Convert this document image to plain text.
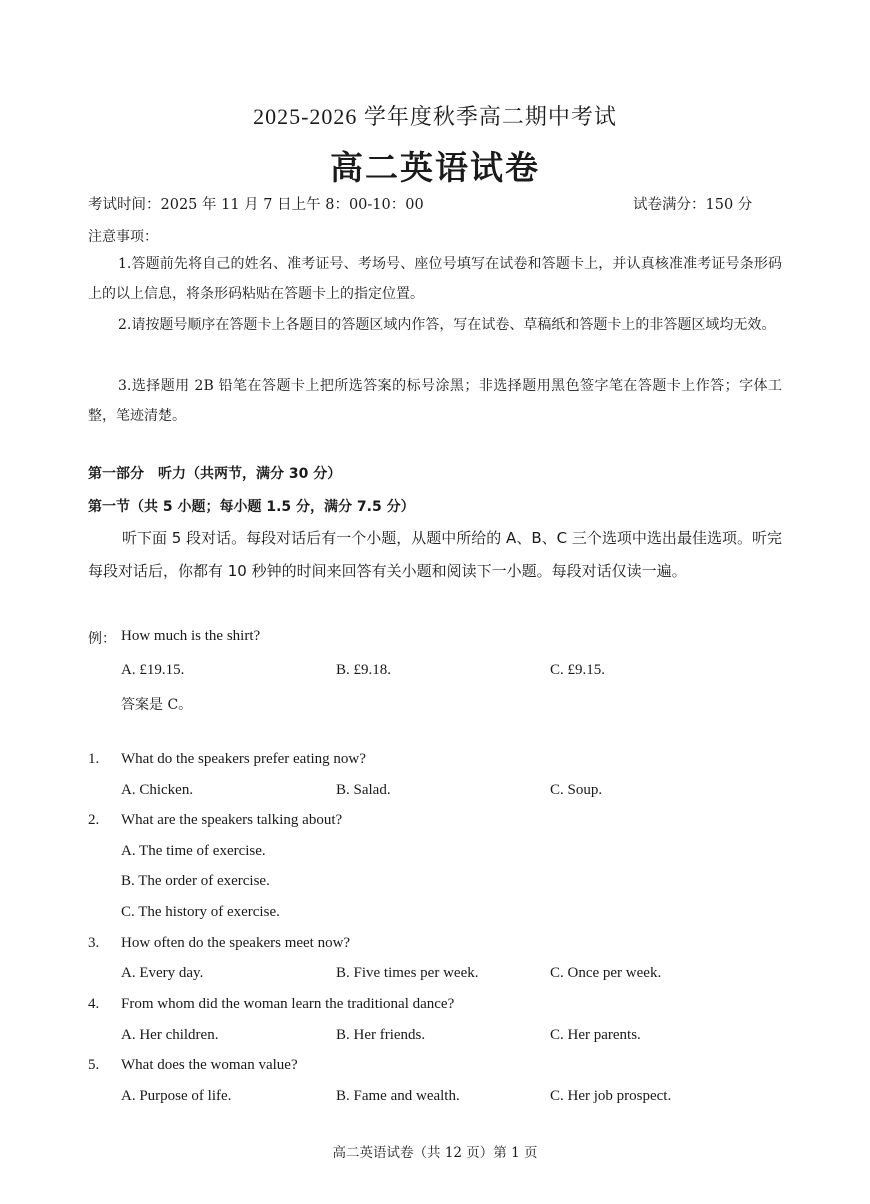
2025-2026 学年度秋季高二期中考试
高二英语试卷
考试时间：2025 年 11 月 7 日上午 8：00-10：00	试卷满分：150 分
注意事项：
1.答题前先将自己的姓名、准考证号、考场号、座位号填写在试卷和答题卡上，并认真核准准考证号条形码上的以上信息，将条形码粘贴在答题卡上的指定位置。
2.请按题号顺序在答题卡上各题目的答题区域内作答，写在试卷、草稿纸和答题卡上的非答题区域均无效。
3.选择题用 2B 铅笔在答题卡上把所选答案的标号涂黑；非选择题用黑色签字笔在答题卡上作答；字体工整，笔迹清楚。
第一部分　听力（共两节，满分 30 分）
第一节（共 5 小题；每小题 1.5 分，满分 7.5 分）
听下面 5 段对话。每段对话后有一个小题，从题中所给的 A、B、C 三个选项中选出最佳选项。听完每段对话后，你都有 10 秒钟的时间来回答有关小题和阅读下一小题。每段对话仅读一遍。
例： How much is the shirt?
A. £19.15.	B. £9.18.	C. £9.15.
答案是 C。
1. What do the speakers prefer eating now?
A. Chicken.	B. Salad.	C. Soup.
2. What are the speakers talking about?
A. The time of exercise.
B. The order of exercise.
C. The history of exercise.
3. How often do the speakers meet now?
A. Every day.	B. Five times per week.	C. Once per week.
4. From whom did the woman learn the traditional dance?
A. Her children.	B. Her friends.	C. Her parents.
5. What does the woman value?
A. Purpose of life.	B. Fame and wealth.	C. Her job prospect.
高二英语试卷（共 12 页）第 1 页
